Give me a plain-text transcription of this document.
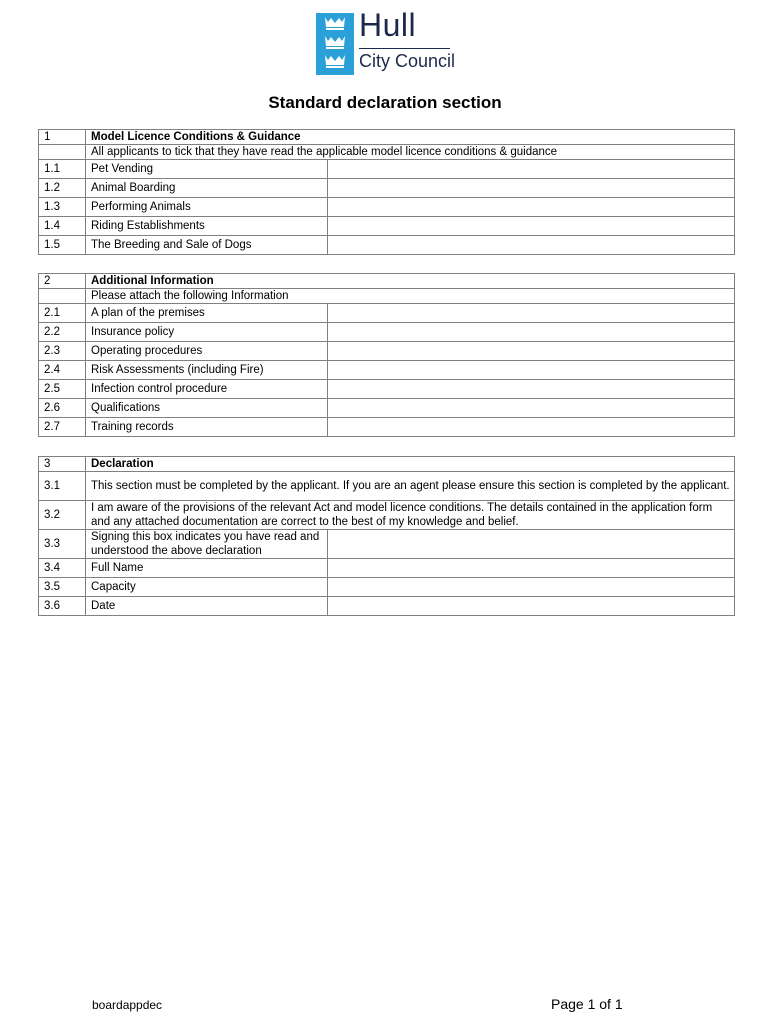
Hull
City Council
Standard declaration section
1	Model Licence Conditions & Guidance	
	All applicants to tick that they have read the applicable model licence conditions & guidance	
1.1	Pet Vending	
1.2	Animal Boarding	
1.3	Performing Animals	
1.4	Riding Establishments	
1.5	The Breeding and Sale of Dogs	
2	Additional Information	
	Please attach the following Information	
2.1	A plan of the premises	
2.2	Insurance policy	
2.3	Operating procedures	
2.4	Risk Assessments (including Fire)	
2.5	Infection control procedure	
2.6	Qualifications	
2.7	Training records	
3	Declaration	
3.1	This section must be completed by the applicant. If you are an agent please ensure this section is completed by the applicant.	
3.2	I am aware of the provisions of the relevant Act and model licence conditions. The details contained in the application form and any attached documentation are correct to the best of my knowledge and belief.	
3.3	Signing this box indicates you have read and understood the above declaration	
3.4	Full Name	
3.5	Capacity	
3.6	Date	
boardappdec	Page 1 of 1
